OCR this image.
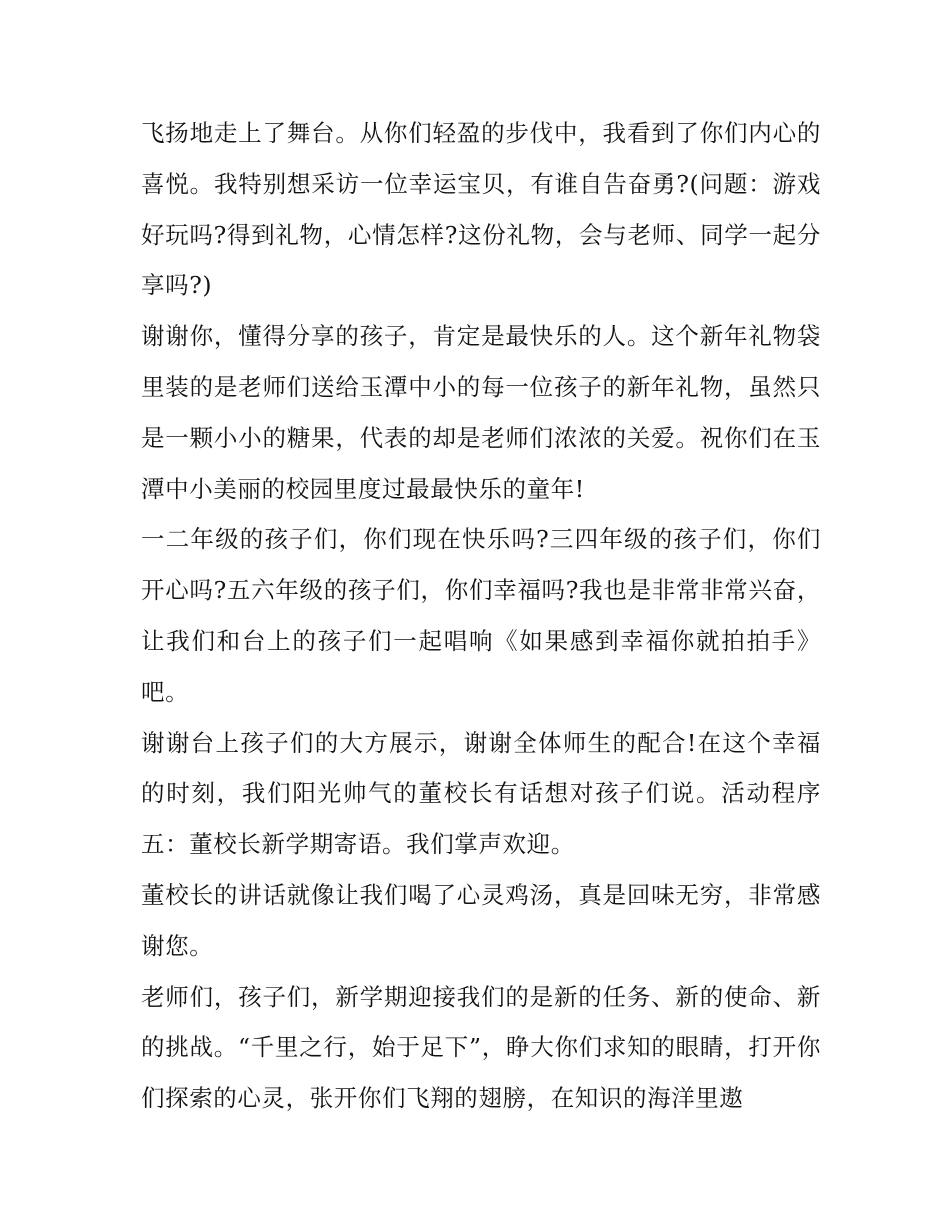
飞扬地走上了舞台。从你们轻盈的步伐中，我看到了你们内心的喜悦。我特别想采访一位幸运宝贝，有谁自告奋勇?(问题：游戏好玩吗?得到礼物，心情怎样?这份礼物，会与老师、同学一起分享吗?)

谢谢你，懂得分享的孩子，肯定是最快乐的人。这个新年礼物袋里装的是老师们送给玉潭中小的每一位孩子的新年礼物，虽然只是一颗小小的糖果，代表的却是老师们浓浓的关爱。祝你们在玉潭中小美丽的校园里度过最最快乐的童年!

一二年级的孩子们，你们现在快乐吗?三四年级的孩子们，你们开心吗?五六年级的孩子们，你们幸福吗?我也是非常非常兴奋，让我们和台上的孩子们一起唱响《如果感到幸福你就拍拍手》吧。

谢谢台上孩子们的大方展示，谢谢全体师生的配合!在这个幸福的时刻，我们阳光帅气的董校长有话想对孩子们说。活动程序五：董校长新学期寄语。我们掌声欢迎。

董校长的讲话就像让我们喝了心灵鸡汤，真是回味无穷，非常感谢您。

老师们，孩子们，新学期迎接我们的是新的任务、新的使命、新的挑战。“千里之行，始于足下”，睁大你们求知的眼睛，打开你们探索的心灵，张开你们飞翔的翅膀，在知识的海洋里遨
